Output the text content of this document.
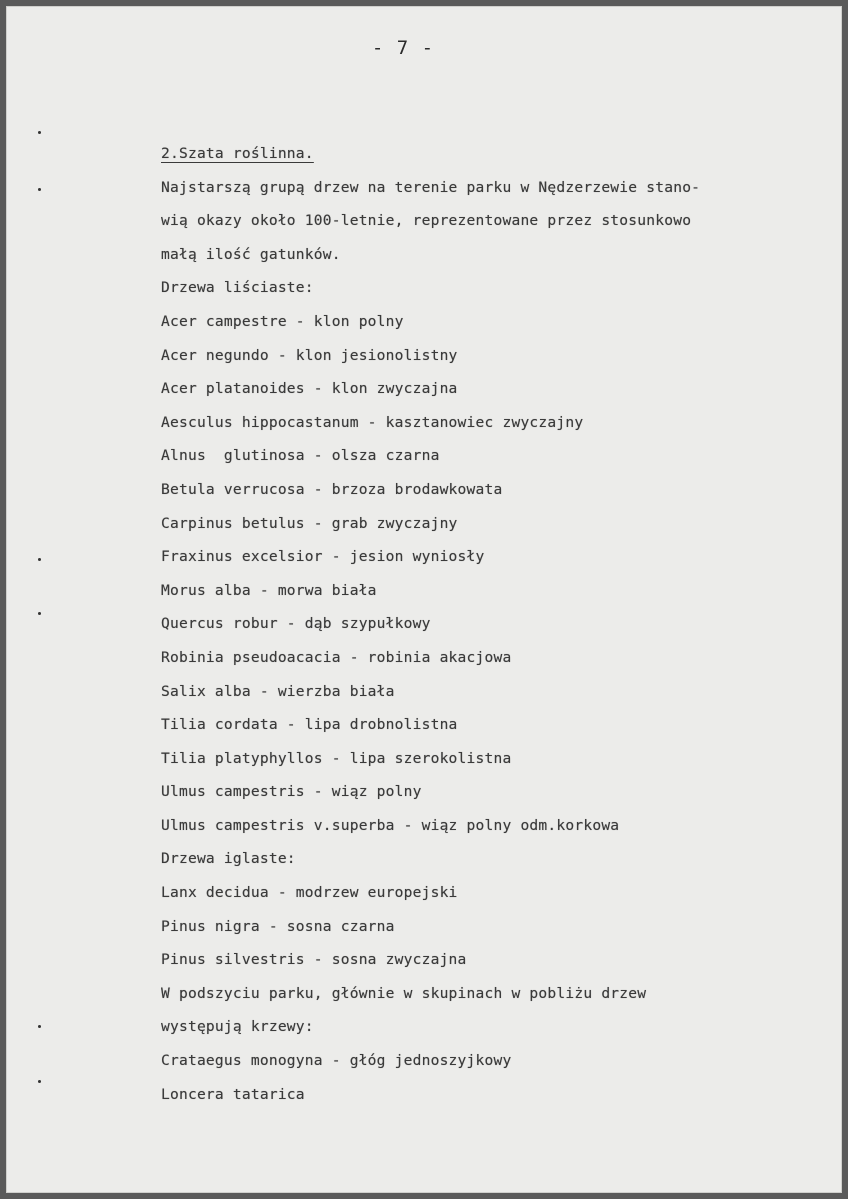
- 7 -
2.Szata roślinna.
Najstarszą grupą drzew na terenie parku w Nędzerzewie stano-
wią okazy około 100-letnie, reprezentowane przez stosunkowo
małą ilość gatunków.
Drzewa liściaste:
Acer campestre - klon polny
Acer negundo - klon jesionolistny
Acer platanoides - klon zwyczajna
Aesculus hippocastanum - kasztanowiec zwyczajny
Alnus  glutinosa - olsza czarna
Betula verrucosa - brzoza brodawkowata
Carpinus betulus - grab zwyczajny
Fraxinus excelsior - jesion wyniosły
Morus alba - morwa biała
Quercus robur - dąb szypułkowy
Robinia pseudoacacia - robinia akacjowa
Salix alba - wierzba biała
Tilia cordata - lipa drobnolistna
Tilia platyphyllos - lipa szerokolistna
Ulmus campestris - wiąz polny
Ulmus campestris v.superba - wiąz polny odm.korkowa
Drzewa iglaste:
Lanx decidua - modrzew europejski
Pinus nigra - sosna czarna
Pinus silvestris - sosna zwyczajna
W podszyciu parku, głównie w skupinach w pobliżu drzew
występują krzewy:
Crataegus monogyna - głóg jednoszyjkowy
Loncera tatarica
